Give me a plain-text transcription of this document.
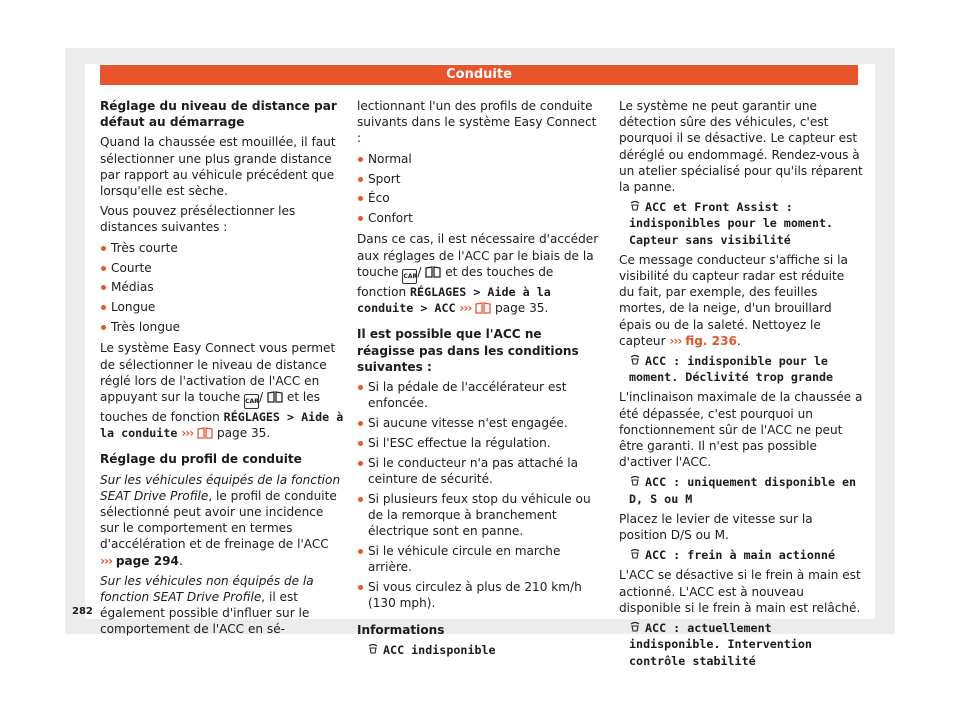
Conduite
Réglage du niveau de distance par défaut au démarrage

Quand la chaussée est mouillée, il faut sélectionner une plus grande distance par rapport au véhicule précédent que lorsqu'elle est sèche.

Vous pouvez présélectionner les distances suivantes :

Très courte
Courte
Médias
Longue
Très longue

Le système Easy Connect vous permet de sélectionner le niveau de distance réglé lors de l'activation de l'ACC en appuyant sur la touche CAR/ et les touches de fonction RÉGLAGES > Aide à la conduite ››› page 35.

Réglage du profil de conduite

Sur les véhicules équipés de la fonction SEAT Drive Profile, le profil de conduite sélectionné peut avoir une incidence sur le comportement en termes d'accélération et de freinage de l'ACC ››› page 294.

Sur les véhicules non équipés de la fonction SEAT Drive Profile, il est également possible d'influer sur le comportement de l'ACC en sé-

lectionnant l'un des profils de conduite suivants dans le système Easy Connect :

Normal
Sport
Éco
Confort

Dans ce cas, il est nécessaire d'accéder aux réglages de l'ACC par le biais de la touche CAR/ et des touches de fonction RÉGLAGES > Aide à la conduite > ACC ››› page 35.

Il est possible que l'ACC ne réagisse pas dans les conditions suivantes :
Si la pédale de l'accélérateur est enfoncée.
Si aucune vitesse n'est engagée.
Si l'ESC effectue la régulation.
Si le conducteur n'a pas attaché la ceinture de sécurité.
Si plusieurs feux stop du véhicule ou de la remorque à branchement électrique sont en panne.
Si le véhicule circule en marche arrière.
Si vous circulez à plus de 210 km/h (130 mph).
Informations
ACC indisponible

Le système ne peut garantir une détection sûre des véhicules, c'est pourquoi il se désactive. Le capteur est déréglé ou endommagé. Rendez-vous à un atelier spécialisé pour qu'ils réparent la panne.

ACC et Front Assist : indisponibles pour le moment. Capteur sans visibilité

Ce message conducteur s'affiche si la visibilité du capteur radar est réduite du fait, par exemple, des feuilles mortes, de la neige, d'un brouillard épais ou de la saleté. Nettoyez le capteur ››› fig. 236.

ACC : indisponible pour le moment. Déclivité trop grande

L'inclinaison maximale de la chaussée a été dépassée, c'est pourquoi un fonctionnement sûr de l'ACC ne peut être garanti. Il n'est pas possible d'activer l'ACC.

ACC : uniquement disponible en D, S ou M

Placez le levier de vitesse sur la position D/S ou M.

ACC : frein à main actionné

L'ACC se désactive si le frein à main est actionné. L'ACC est à nouveau disponible si le frein à main est relâché.

ACC : actuellement indisponible. Intervention contrôle stabilité
282
